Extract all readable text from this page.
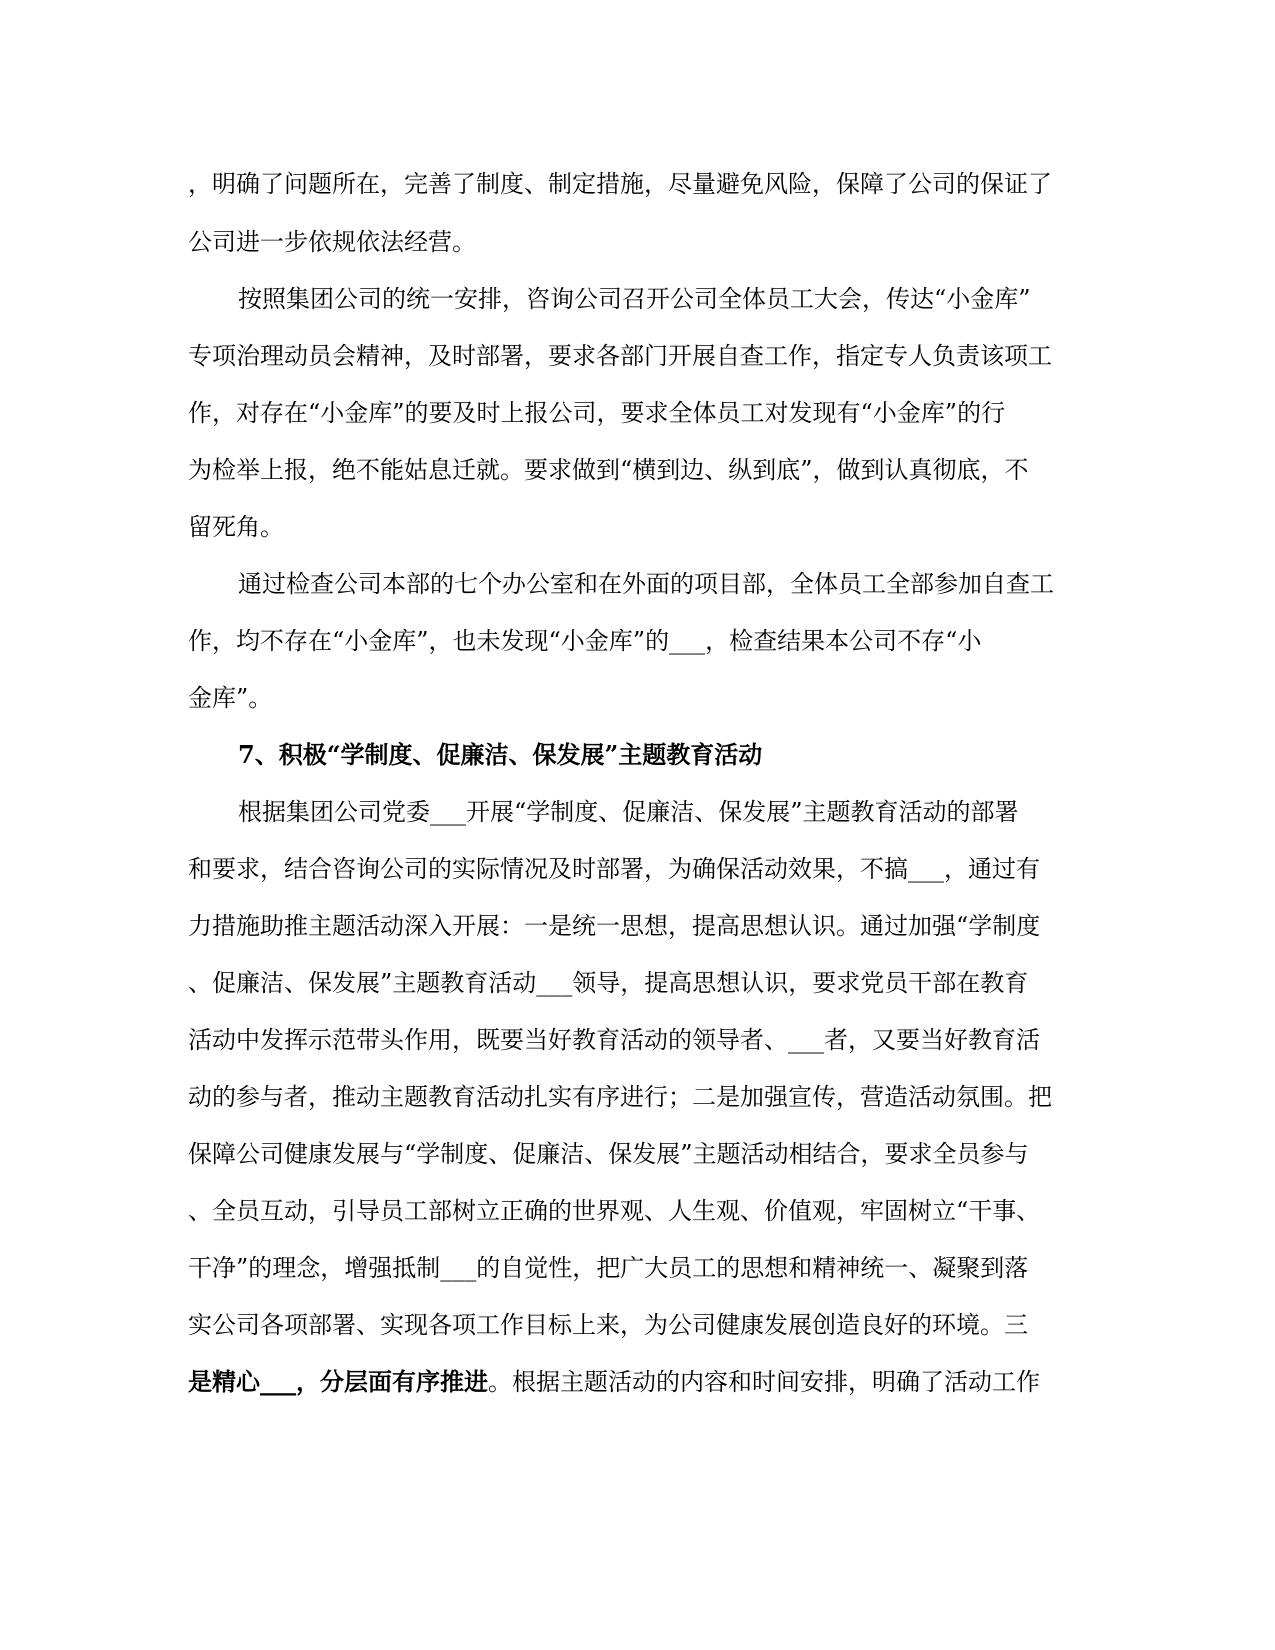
，明确了问题所在，完善了制度、制定措施，尽量避免风险，保障了公司的保证了
公司进一步依规依法经营。
按照集团公司的统一安排，咨询公司召开公司全体员工大会，传达“小金库”
专项治理动员会精神，及时部署，要求各部门开展自查工作，指定专人负责该项工
作，对存在“小金库”的要及时上报公司，要求全体员工对发现有“小金库”的行
为检举上报，绝不能姑息迁就。要求做到“横到边、纵到底”，做到认真彻底，不
留死角。
通过检查公司本部的七个办公室和在外面的项目部，全体员工全部参加自查工
作，均不存在“小金库”，也未发现“小金库”的___，检查结果本公司不存“小
金库”。
7、积极“学制度、促廉洁、保发展”主题教育活动
根据集团公司党委___开展“学制度、促廉洁、保发展”主题教育活动的部署
和要求，结合咨询公司的实际情况及时部署，为确保活动效果，不搞___，通过有
力措施助推主题活动深入开展：一是统一思想，提高思想认识。通过加强“学制度
、促廉洁、保发展”主题教育活动___领导，提高思想认识，要求党员干部在教育
活动中发挥示范带头作用，既要当好教育活动的领导者、___者，又要当好教育活
动的参与者，推动主题教育活动扎实有序进行；二是加强宣传，营造活动氛围。把
保障公司健康发展与“学制度、促廉洁、保发展”主题活动相结合，要求全员参与
、全员互动，引导员工部树立正确的世界观、人生观、价值观，牢固树立“干事、
干净”的理念，增强抵制___的自觉性，把广大员工的思想和精神统一、凝聚到落
实公司各项部署、实现各项工作目标上来，为公司健康发展创造良好的环境。三
是精心___，分层面有序推进。根据主题活动的内容和时间安排，明确了活动工作
